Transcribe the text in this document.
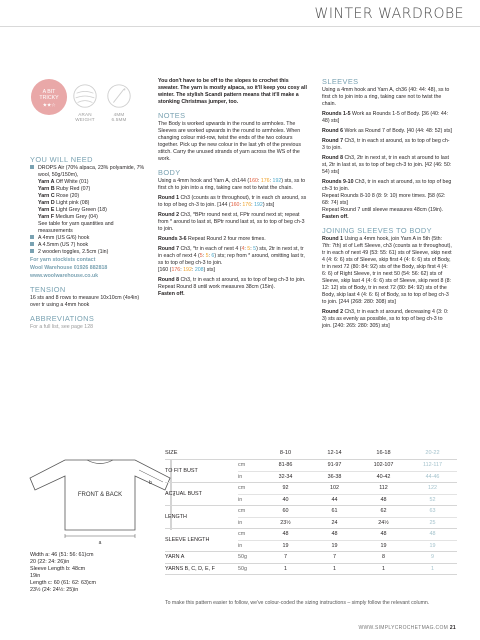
WINTER WARDROBE
A BIT
TRICKY
★★☆
ARAN
WEIGHT
4MM
6.5MM
YOU WILL NEED

DROPS Air (70% alpaca, 23% polyamide, 7% wool, 50g/150m),

Yarn A Off White (01)
Yarn B Ruby Red (07)
Yarn C Rose (20)
Yarn D Light pink (08)
Yarn E Light Grey Green (18)
Yarn F Medium Grey (04)
See table for yarn quantities and measurements

A 4mm (US G/6) hook

A 4.5mm (US 7) hook

2 wooden toggles, 2.5cm (1in)

For yarn stockists contact
Wool Warehouse 01926 882818
www.woolwarehouse.co.uk
TENSION

16 sts and 8 rows to measure 10x10cm (4x4in) over tr using a 4mm hook

ABBREVIATIONS

For a full list, see page 128

You don't have to be off to the slopes to crochet this sweater. The yarn is mostly alpaca, so it'll keep you cosy all winter. The stylish Scandi pattern means that it'll make a stonking Christmas jumper, too.

NOTES

The Body is worked upwards in the round to armholes. The Sleeves are worked upwards in the round to armholes. When changing colour mid-row, twist the ends of the two colours together. Pick up the new colour in the last yth of the previous stitch. Carry the unused strands of yarn across the WS of the work.

BODY

Using a 4mm hook and Yarn A, ch144 (160: 176: 192) sts, ss to first ch to join into a ring, taking care not to twist the chain.

Round 1 Ch3 (counts as tr throughout), tr in each ch around, ss to top of beg ch-3 to join. [144 (160: 176: 192) sts]

Round 2 Ch3, *BPtr round next st, FPtr round next st; repeat from * around to last st, BPtr round last st, ss to top of beg ch-3 to join.

Rounds 3-6 Repeat Round 2 four more times.

Round 7 Ch3, *tr in each of next 4 (4: 5: 5) sts, 2tr in next st, tr in each of next 4 (5: 5: 6) sts; rep from * around, omitting last tr, ss to top of beg ch-3 to join.
[160 (176: 192: 208) sts]

Round 8 Ch3, tr in each st around, ss to top of beg ch-3 to join.
Repeat Round 8 until work measures 38cm (15in).
Fasten off.

SLEEVES

Using a 4mm hook and Yarn A, ch36 (40: 44: 48), ss to first ch to join into a ring, taking care not to twist the chain.

Rounds 1-5 Work as Rounds 1-5 of Body. [36 (40: 44: 48) sts]

Round 6 Work as Round 7 of Body. [40 (44: 48: 52) sts]

Round 7 Ch3, tr in each st around, ss to top of beg ch-3 to join.

Round 8 Ch3, 2tr in next st, tr in each st around to last st, 2tr in last st, ss to top of beg ch-3 to join. [42 (46: 50: 54) sts]

Rounds 9-10 Ch3, tr in each st around, ss to top of beg ch-3 to join.
Repeat Rounds 8-10 8 (8: 9: 10) more times. [58 (62: 68: 74) sts]
Repeat Round 7 until sleeve measures 48cm (19in).
Fasten off.

JOINING SLEEVES TO BODY

Round 1 Using a 4mm hook, join Yarn A in 5th (5th: 7th: 7th) st of Left Sleeve, ch3 (counts as tr throughout), tr in each of next 49 (53: 55: 61) sts of Sleeve, skip next 4 (4: 6: 6) sts of Sleeve, skip first 4 (4: 6: 6) sts of Body, tr in next 72 (80: 84: 92) sts of the Body, skip first 4 (4: 6: 6) of Right Sleeve, tr in next 50 (54: 56: 62) sts of Sleeve, skip last 4 (4: 6: 6) sts of Sleeve, skip next 8 (8: 12: 12) sts of Body, tr in next 72 (80: 84: 92) sts of the Body, skip last 4 (4: 6: 6) of Body, ss to top of beg ch-3 to join. [244 (268: 280: 308) sts]

Round 2 Ch3, tr in each st around, decreasing 4 (3: 0: 3) sts as evenly as possible, ss to top of beg ch-3 to join. [240: 265: 280: 305) sts]

FRONT & BACK
a
b
c
Width a: 46 (51: 56: 61)cm
20 (22: 24: 26)in
Sleeve Length b: 48cm
19in
Length c: 60 (61: 62: 63)cm
23½ (24: 24½: 25)in
SIZE	8-10	12-14	16-18	20-22
TO FIT BUST
cm	81-86	91-97	102-107	112-117
in	32-34	36-38	40-42	44-46
ACTUAL BUST
cm	92	102	112	122
in	40	44	48	52
LENGTH
cm	60	61	62	63
in	23½	24	24½	25
SLEEVE LENGTH
cm	48	48	48	48
in	19	19	19	19
YARN A	50g	7	7	8	9
YARNS B, C, D, E, F	50g	1	1	1	1
To make this pattern easier to follow, we've colour-coded the sizing instructions – simply follow the relevant column.
WWW.SIMPLYCROCHETMAG.COM 21
